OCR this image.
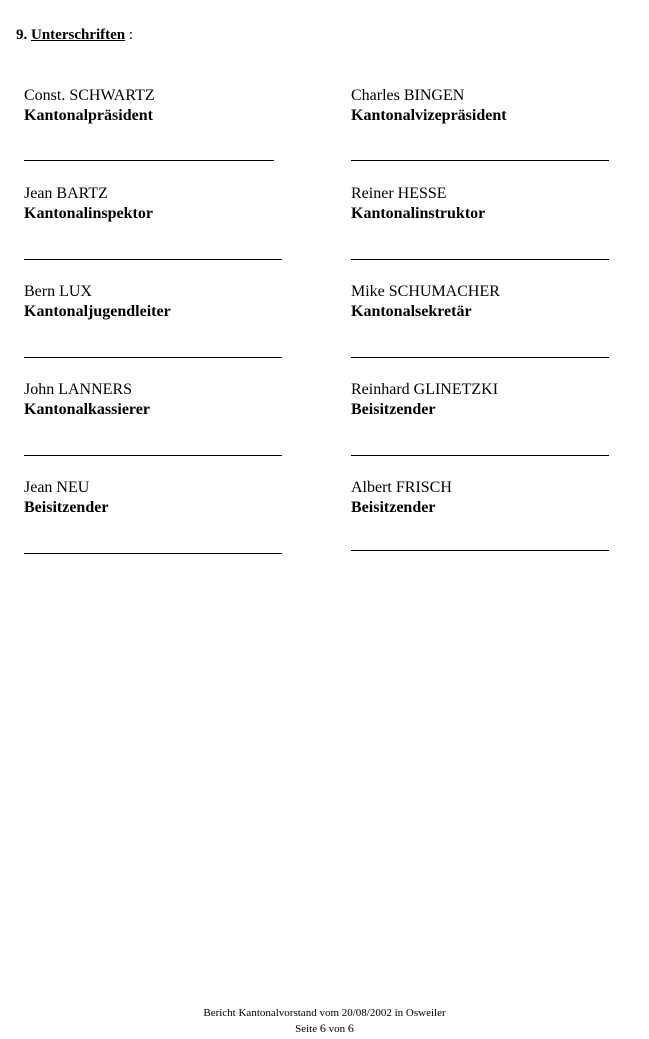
9. Unterschriften :
Const. SCHWARTZ
Kantonalpräsident
Charles BINGEN
Kantonalvizepräsident
Jean BARTZ
Kantonalinspektor
Reiner HESSE
Kantonalinstruktor
Bern LUX
Kantonaljugendleiter
Mike SCHUMACHER
Kantonalsekretär
John LANNERS
Kantonalkassierer
Reinhard GLINETZKI
Beisitzender
Jean NEU
Beisitzender
Albert FRISCH
Beisitzender
Bericht Kantonalvorstand vom 20/08/2002 in Osweiler
Seite 6 von 6
